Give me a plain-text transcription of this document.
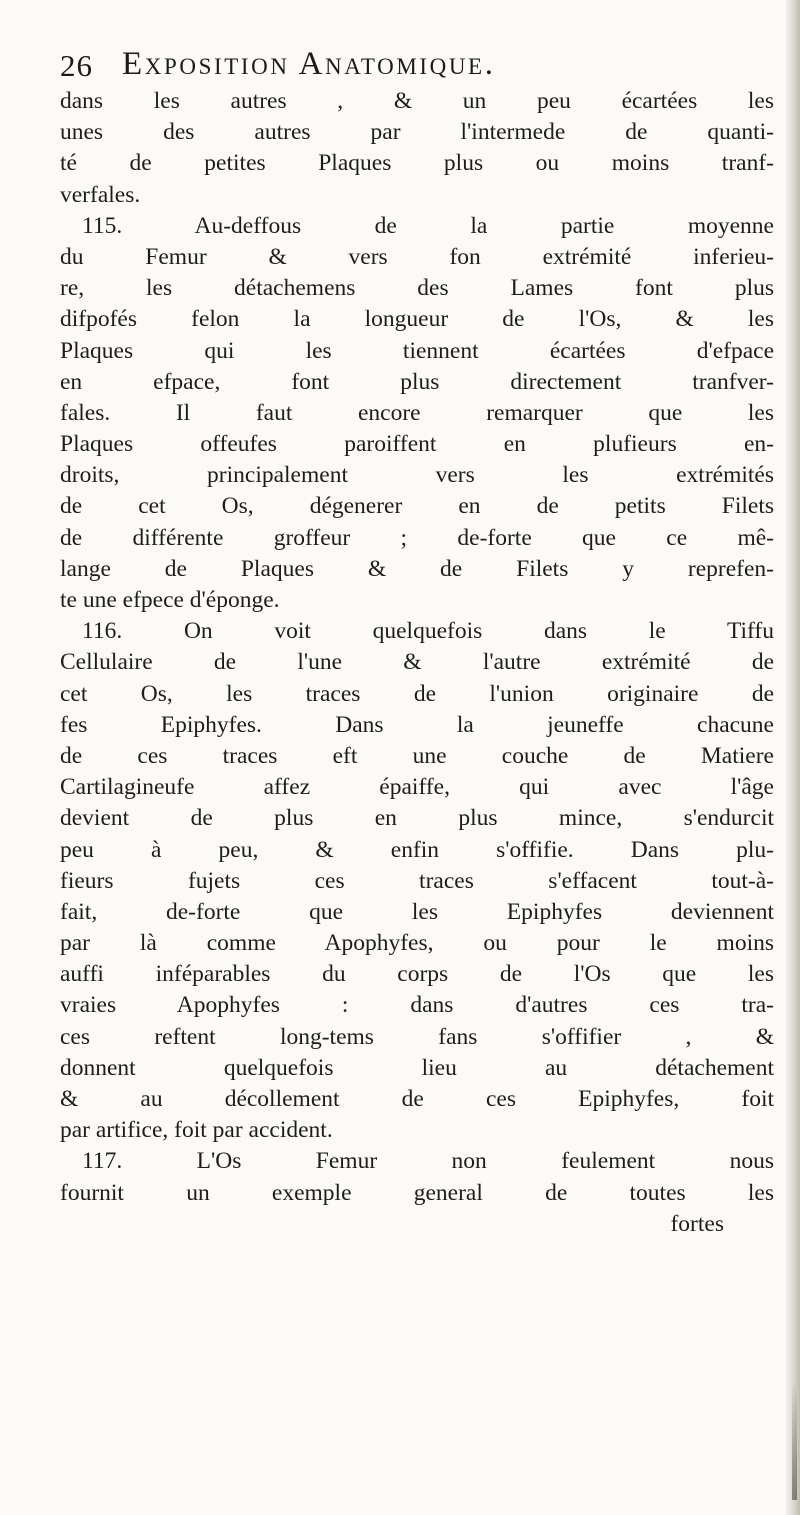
26 Exposition Anatomique.
dans les autres , & un peu écartées les
unes des autres par l'intermede de quanti-
té de petites Plaques plus ou moins tranf-
verfales.
115. Au-deffous de la partie moyenne
du Femur & vers fon extrémité inferieu-
re, les détachemens des Lames font plus
difpofés felon la longueur de l'Os, & les
Plaques qui les tiennent écartées d'efpace
en efpace, font plus directement tranfver-
fales. Il faut encore remarquer que les
Plaques offeufes paroiffent en plufieurs en-
droits, principalement vers les extrémités
de cet Os, dégenerer en de petits Filets
de différente groffeur ; de-forte que ce mê-
lange de Plaques & de Filets y reprefen-
te une efpece d'éponge.
116. On voit quelquefois dans le Tiffu
Cellulaire de l'une & l'autre extrémité de
cet Os, les traces de l'union originaire de
fes Epiphyfes. Dans la jeuneffe chacune
de ces traces eft une couche de Matiere
Cartilagineufe affez épaiffe, qui avec l'âge
devient de plus en plus mince, s'endurcit
peu à peu, & enfin s'offifie. Dans plu-
fieurs fujets ces traces s'effacent tout-à-
fait, de-forte que les Epiphyfes deviennent
par là comme Apophyfes, ou pour le moins
auffi inféparables du corps de l'Os que les
vraies Apophyfes : dans d'autres ces tra-
ces reftent long-tems fans s'offifier , &
donnent quelquefois lieu au détachement
& au décollement de ces Epiphyfes, foit
par artifice, foit par accident.
117. L'Os Femur non feulement nous
fournit un exemple general de toutes les
fortes
